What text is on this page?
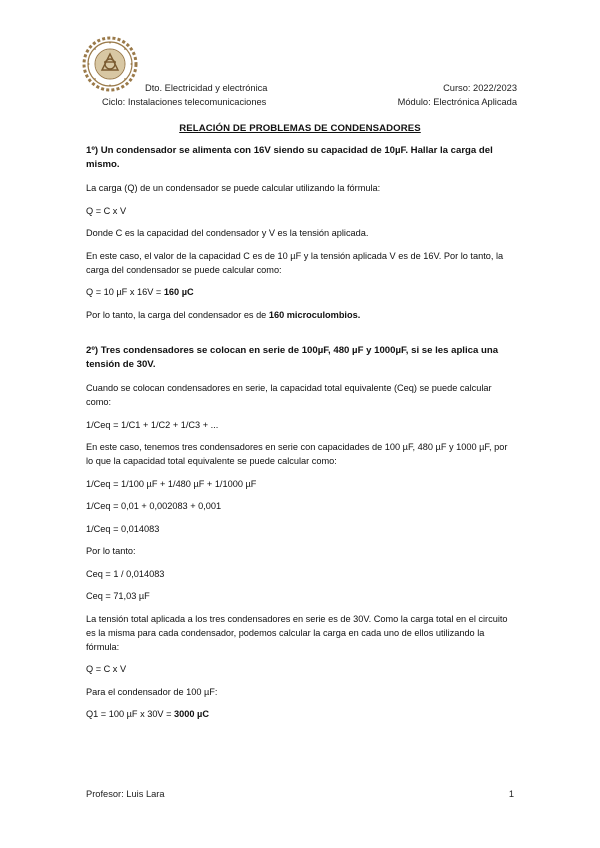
Dto. Electricidad y electrónica
Ciclo: Instalaciones telecomunicaciones
Curso: 2022/2023
Módulo: Electrónica Aplicada
RELACIÓN DE PROBLEMAS DE CONDENSADORES

1º) Un condensador se alimenta con 16V siendo su capacidad de 10µF. Hallar la carga del mismo.

La carga (Q) de un condensador se puede calcular utilizando la fórmula:

Q = C x V

Donde C es la capacidad del condensador y V es la tensión aplicada.

En este caso, el valor de la capacidad C es de 10 µF y la tensión aplicada V es de 16V. Por lo tanto, la carga del condensador se puede calcular como:

Q = 10 µF x 16V = 160 µC

Por lo tanto, la carga del condensador es de 160 microculombios.

2º) Tres condensadores se colocan en serie de 100µF, 480 µF y 1000µF, si se les aplica una tensión de 30V.

Cuando se colocan condensadores en serie, la capacidad total equivalente (Ceq) se puede calcular como:

1/Ceq = 1/C1 + 1/C2 + 1/C3 + ...

En este caso, tenemos tres condensadores en serie con capacidades de 100 µF, 480 µF y 1000 µF, por lo que la capacidad total equivalente se puede calcular como:

1/Ceq = 1/100 µF + 1/480 µF + 1/1000 µF

1/Ceq = 0,01 + 0,002083 + 0,001

1/Ceq = 0,014083

Por lo tanto:

Ceq = 1 / 0,014083

Ceq = 71,03 µF

La tensión total aplicada a los tres condensadores en serie es de 30V. Como la carga total en el circuito es la misma para cada condensador, podemos calcular la carga en cada uno de ellos utilizando la fórmula:

Q = C x V

Para el condensador de 100 µF:

Q1 = 100 µF x 30V = 3000 µC

Profesor: Luis Lara	1
